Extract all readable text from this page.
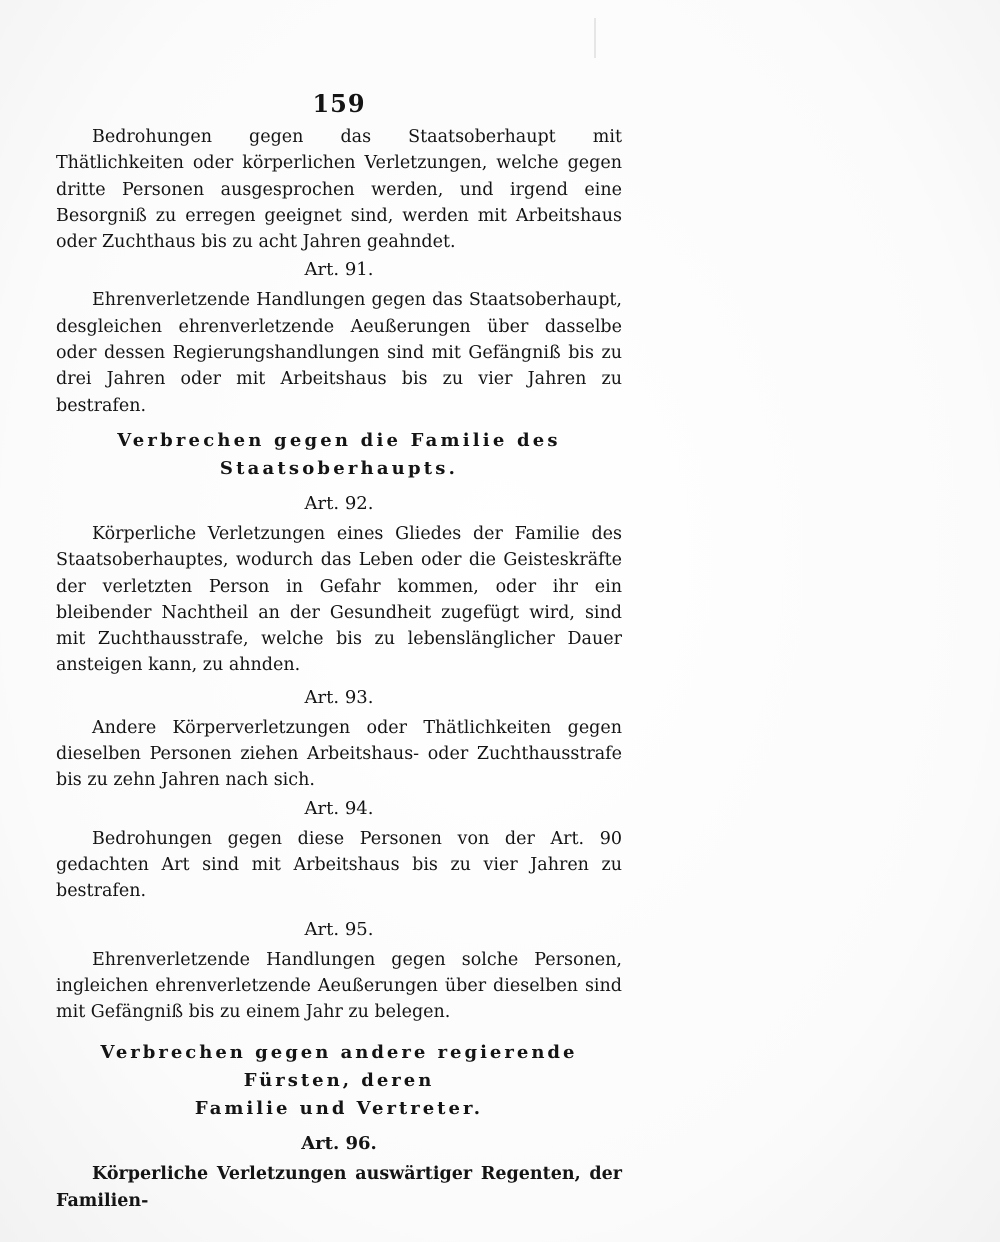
159

Bedrohungen gegen das Staatsoberhaupt mit Thätlichkeiten oder körperlichen Verletzungen, welche gegen dritte Personen ausgesprochen werden, und irgend eine Besorgniß zu erregen geeignet sind, werden mit Arbeitshaus oder Zuchthaus bis zu acht Jahren geahndet.

Art. 91.

Ehrenverletzende Handlungen gegen das Staatsoberhaupt, desgleichen ehrenverletzende Aeußerungen über dasselbe oder dessen Regierungshandlungen sind mit Gefängniß bis zu drei Jahren oder mit Arbeitshaus bis zu vier Jahren zu bestrafen.

Verbrechen gegen die Familie des Staatsoberhaupts.
Art. 92.

Körperliche Verletzungen eines Gliedes der Familie des Staatsoberhauptes, wodurch das Leben oder die Geisteskräfte der verletzten Person in Gefahr kommen, oder ihr ein bleibender Nachtheil an der Gesundheit zugefügt wird, sind mit Zuchthausstrafe, welche bis zu lebenslänglicher Dauer ansteigen kann, zu ahnden.

Art. 93.

Andere Körperverletzungen oder Thätlichkeiten gegen dieselben Personen ziehen Arbeitshaus- oder Zuchthausstrafe bis zu zehn Jahren nach sich.

Art. 94.

Bedrohungen gegen diese Personen von der Art. 90 gedachten Art sind mit Arbeitshaus bis zu vier Jahren zu bestrafen.

Art. 95.

Ehrenverletzende Handlungen gegen solche Personen, ingleichen ehrenverletzende Aeußerungen über dieselben sind mit Gefängniß bis zu einem Jahr zu belegen.

Verbrechen gegen andere regierende Fürsten, deren
Familie und Vertreter.
Art. 96.

Körperliche Verletzungen auswärtiger Regenten, der Familien-
